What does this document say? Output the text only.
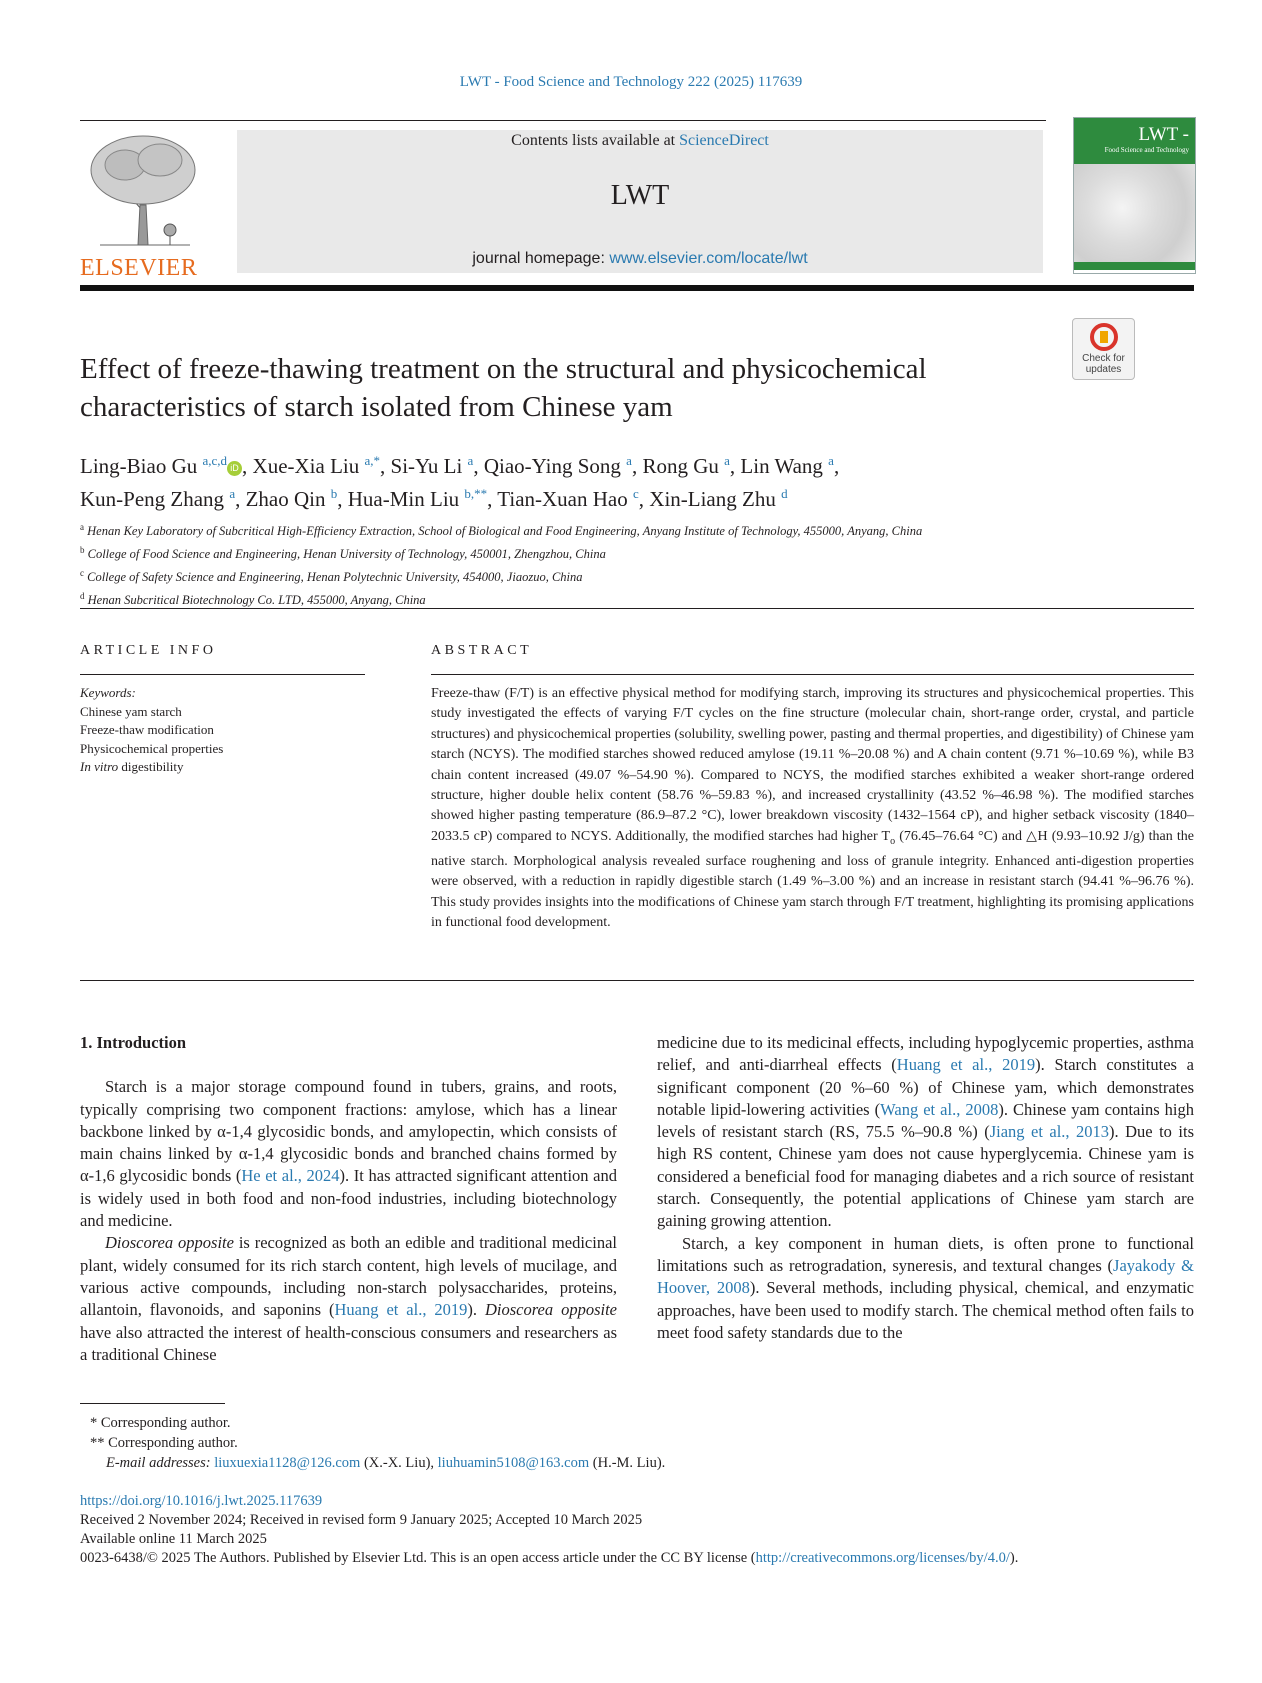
LWT - Food Science and Technology 222 (2025) 117639
ELSEVIER
Contents lists available at ScienceDirect
LWT
journal homepage: www.elsevier.com/locate/lwt
LWT -
Food Science and Technology
Check for updates
Effect of freeze-thawing treatment on the structural and physicochemical characteristics of starch isolated from Chinese yam
Ling-Biao Gu $^{a,c,d}$ iD , Xue-Xia Liu $^{a,*}$, Si-Yu Li $^a$, Qiao-Ying Song $^a$, Rong Gu $^a$, Lin Wang $^a$,
Kun-Peng Zhang $^a$, Zhao Qin $^b$, Hua-Min Liu $^{b,**}$, Tian-Xuan Hao $^c$, Xin-Liang Zhu $^d$
$^a$ Henan Key Laboratory of Subcritical High-Efficiency Extraction, School of Biological and Food Engineering, Anyang Institute of Technology, 455000, Anyang, China
$^b$ College of Food Science and Engineering, Henan University of Technology, 450001, Zhengzhou, China
$^c$ College of Safety Science and Engineering, Henan Polytechnic University, 454000, Jiaozuo, China
$^d$ Henan Subcritical Biotechnology Co. LTD, 455000, Anyang, China
ARTICLE INFO
Keywords:
Chinese yam starch
Freeze-thaw modification
Physicochemical properties
In vitro digestibility
ABSTRACT
Freeze-thaw (F/T) is an effective physical method for modifying starch, improving its structures and physicochemical properties. This study investigated the effects of varying F/T cycles on the fine structure (molecular chain, short-range order, crystal, and particle structures) and physicochemical properties (solubility, swelling power, pasting and thermal properties, and digestibility) of Chinese yam starch (NCYS). The modified starches showed reduced amylose (19.11 %–20.08 %) and A chain content (9.71 %–10.69 %), while B3 chain content increased (49.07 %–54.90 %). Compared to NCYS, the modified starches exhibited a weaker short-range ordered structure, higher double helix content (58.76 %–59.83 %), and increased crystallinity (43.52 %–46.98 %). The modified starches showed higher pasting temperature (86.9–87.2 °C), lower breakdown viscosity (1432–1564 cP), and higher setback viscosity (1840–2033.5 cP) compared to NCYS. Additionally, the modified starches had higher $T_o$ (76.45–76.64 °C) and △H (9.93–10.92 J/g) than the native starch. Morphological analysis revealed surface roughening and loss of granule integrity. Enhanced anti-digestion properties were observed, with a reduction in rapidly digestible starch (1.49 %–3.00 %) and an increase in resistant starch (94.41 %–96.76 %). This study provides insights into the modifications of Chinese yam starch through F/T treatment, highlighting its promising applications in functional food development.
1. Introduction

Starch is a major storage compound found in tubers, grains, and roots, typically comprising two component fractions: amylose, which has a linear backbone linked by α-1,4 glycosidic bonds, and amylopectin, which consists of main chains linked by α-1,4 glycosidic bonds and branched chains formed by α-1,6 glycosidic bonds (He et al., 2024). It has attracted significant attention and is widely used in both food and non-food industries, including biotechnology and medicine.

Dioscorea opposite is recognized as both an edible and traditional medicinal plant, widely consumed for its rich starch content, high levels of mucilage, and various active compounds, including non-starch polysaccharides, proteins, allantoin, flavonoids, and saponins (Huang et al., 2019). Dioscorea opposite have also attracted the interest of health-conscious consumers and researchers as a traditional Chinese

medicine due to its medicinal effects, including hypoglycemic properties, asthma relief, and anti-diarrheal effects (Huang et al., 2019). Starch constitutes a significant component (20 %–60 %) of Chinese yam, which demonstrates notable lipid-lowering activities (Wang et al., 2008). Chinese yam contains high levels of resistant starch (RS, 75.5 %–90.8 %) (Jiang et al., 2013). Due to its high RS content, Chinese yam does not cause hyperglycemia. Chinese yam is considered a beneficial food for managing diabetes and a rich source of resistant starch. Consequently, the potential applications of Chinese yam starch are gaining growing attention.

Starch, a key component in human diets, is often prone to functional limitations such as retrogradation, syneresis, and textural changes (Jayakody & Hoover, 2008). Several methods, including physical, chemical, and enzymatic approaches, have been used to modify starch. The chemical method often fails to meet food safety standards due to the

* Corresponding author.
** Corresponding author.
E-mail addresses: liuxuexia1128@126.com (X.-X. Liu), liuhuamin5108@163.com (H.-M. Liu).
https://doi.org/10.1016/j.lwt.2025.117639
Received 2 November 2024; Received in revised form 9 January 2025; Accepted 10 March 2025
Available online 11 March 2025
0023-6438/© 2025 The Authors. Published by Elsevier Ltd. This is an open access article under the CC BY license (http://creativecommons.org/licenses/by/4.0/).
